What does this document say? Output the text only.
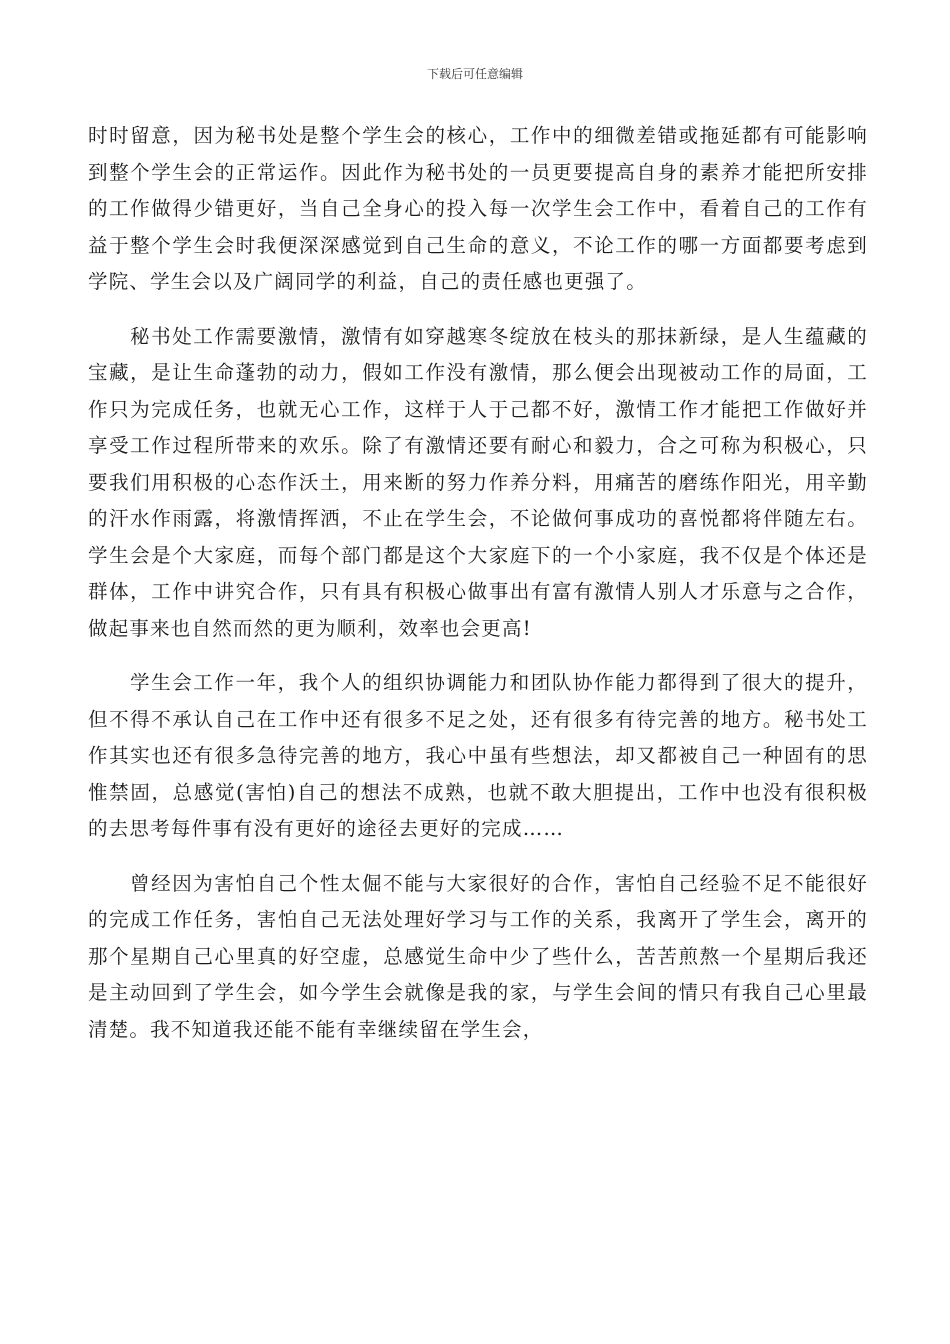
下载后可任意编辑

时时留意，因为秘书处是整个学生会的核心，工作中的细微差错或拖延都有可能影响到整个学生会的正常运作。因此作为秘书处的一员更要提高自身的素养才能把所安排的工作做得少错更好，当自己全身心的投入每一次学生会工作中，看着自己的工作有益于整个学生会时我便深深感觉到自己生命的意义，不论工作的哪一方面都要考虑到学院、学生会以及广阔同学的利益，自己的责任感也更强了。

秘书处工作需要激情，激情有如穿越寒冬绽放在枝头的那抹新绿，是人生蕴藏的宝藏，是让生命蓬勃的动力，假如工作没有激情，那么便会出现被动工作的局面，工作只为完成任务，也就无心工作，这样于人于己都不好，激情工作才能把工作做好并享受工作过程所带来的欢乐。除了有激情还要有耐心和毅力，合之可称为积极心，只要我们用积极的心态作沃土，用来断的努力作养分料，用痛苦的磨练作阳光，用辛勤的汗水作雨露，将激情挥洒，不止在学生会，不论做何事成功的喜悦都将伴随左右。学生会是个大家庭，而每个部门都是这个大家庭下的一个小家庭，我不仅是个体还是群体，工作中讲究合作，只有具有积极心做事出有富有激情人别人才乐意与之合作，做起事来也自然而然的更为顺利，效率也会更高!

学生会工作一年，我个人的组织协调能力和团队协作能力都得到了很大的提升，但不得不承认自己在工作中还有很多不足之处，还有很多有待完善的地方。秘书处工作其实也还有很多急待完善的地方，我心中虽有些想法，却又都被自己一种固有的思惟禁固，总感觉(害怕)自己的想法不成熟，也就不敢大胆提出，工作中也没有很积极的去思考每件事有没有更好的途径去更好的完成……

曾经因为害怕自己个性太倔不能与大家很好的合作，害怕自己经验不足不能很好的完成工作任务，害怕自己无法处理好学习与工作的关系，我离开了学生会，离开的那个星期自己心里真的好空虚，总感觉生命中少了些什么，苦苦煎熬一个星期后我还是主动回到了学生会，如今学生会就像是我的家，与学生会间的情只有我自己心里最清楚。我不知道我还能不能有幸继续留在学生会，
